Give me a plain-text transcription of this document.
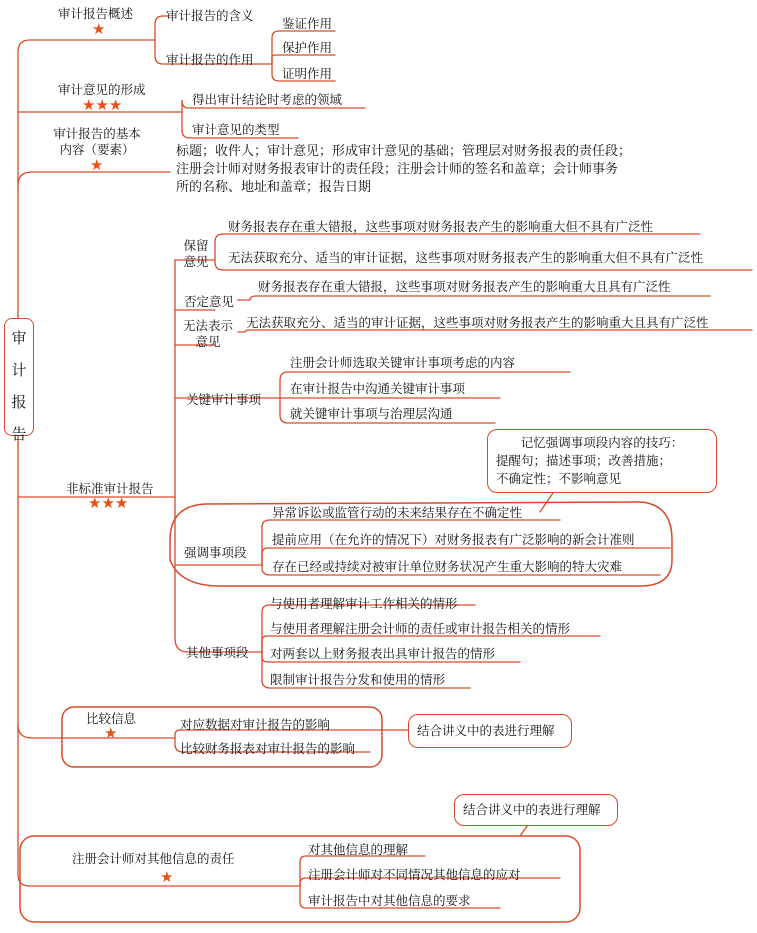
审
计
报
告
审计报告概述
★
审计报告的含义
审计报告的作用
鉴证作用
保护作用
证明作用
审计意见的形成
★★★	得出审计结论时考虑的领域
审计意见的类型
审计报告的基本
内容（要素）
★
标题；收件人；审计意见；形成审计意见的基础；管理层对财务报表的责任段；
注册会计师对财务报表审计的责任段；注册会计师的签名和盖章；会计师事务
所的名称、地址和盖章；报告日期
非标准审计报告
★★★
保留
意见
财务报表存在重大错报，这些事项对财务报表产生的影响重大但不具有广泛性
无法获取充分、适当的审计证据，这些事项对财务报表产生的影响重大但不具有广泛性
否定意见
财务报表存在重大错报，这些事项对财务报表产生的影响重大且具有广泛性
无法表示
意见
无法获取充分、适当的审计证据，这些事项对财务报表产生的影响重大且具有广泛性
关键审计事项
注册会计师选取关键审计事项考虑的内容
在审计报告中沟通关键审计事项
就关键审计事项与治理层沟通
记忆强调事项段内容的技巧：
提醒句；描述事项；改善措施；
不确定性；不影响意见
强调事项段
异常诉讼或监管行动的未来结果存在不确定性
提前应用（在允许的情况下）对财务报表有广泛影响的新会计准则
存在已经或持续对被审计单位财务状况产生重大影响的特大灾难
其他事项段
与使用者理解审计工作相关的情形
与使用者理解注册会计师的责任或审计报告相关的情形
对两套以上财务报表出具审计报告的情形
限制审计报告分发和使用的情形
比较信息
★	对应数据对审计报告的影响
比较财务报表对审计报告的影响
结合讲义中的表进行理解
结合讲义中的表进行理解
注册会计师对其他信息的责任
★
对其他信息的理解
注册会计师对不同情况其他信息的应对
审计报告中对其他信息的要求
